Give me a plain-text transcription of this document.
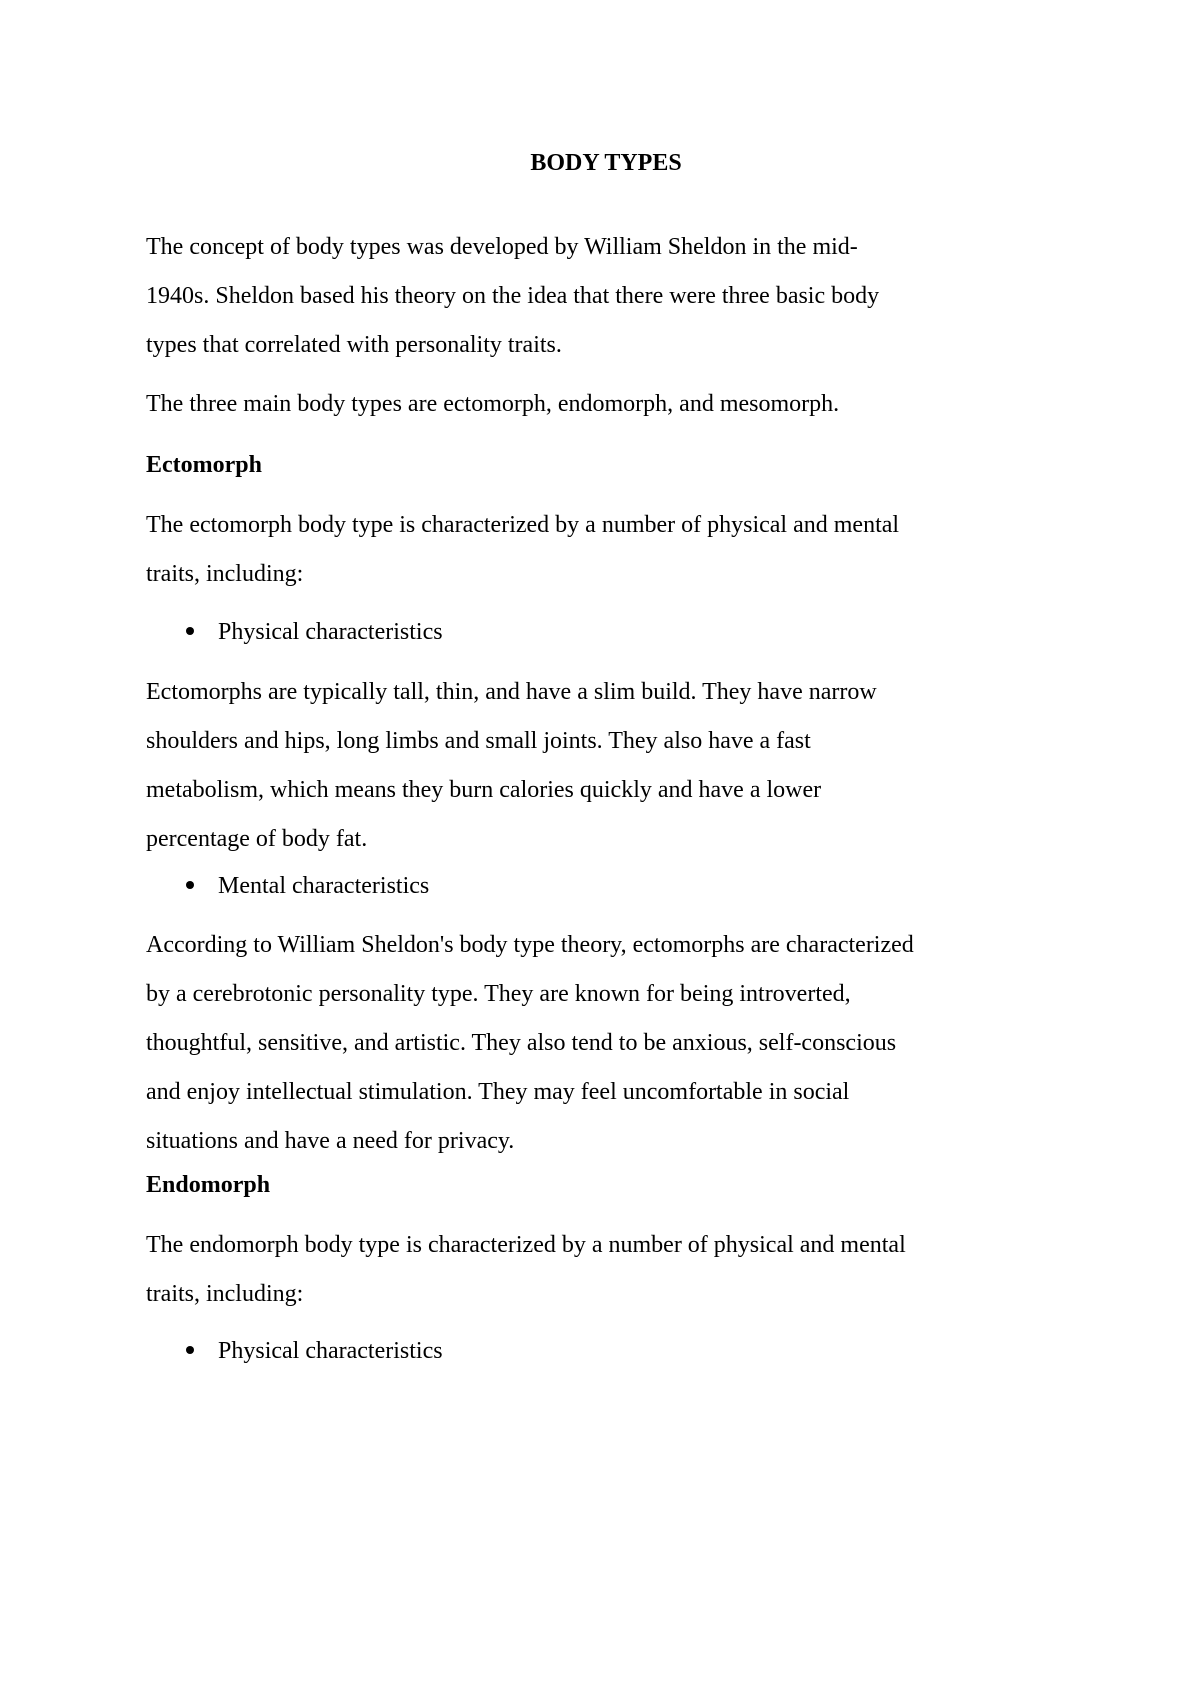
BODY TYPES

The concept of body types was developed by William Sheldon in the mid-
1940s. Sheldon based his theory on the idea that there were three basic body
types that correlated with personality traits.

The three main body types are ectomorph, endomorph, and mesomorph.

Ectomorph

The ectomorph body type is characterized by a number of physical and mental
traits, including:

Physical characteristics

Ectomorphs are typically tall, thin, and have a slim build. They have narrow
shoulders and hips, long limbs and small joints. They also have a fast
metabolism, which means they burn calories quickly and have a lower
percentage of body fat.

Mental characteristics

According to William Sheldon's body type theory, ectomorphs are characterized
by a cerebrotonic personality type. They are known for being introverted,
thoughtful, sensitive, and artistic. They also tend to be anxious, self-conscious
and enjoy intellectual stimulation. They may feel uncomfortable in social
situations and have a need for privacy.

Endomorph

The endomorph body type is characterized by a number of physical and mental
traits, including:

Physical characteristics
